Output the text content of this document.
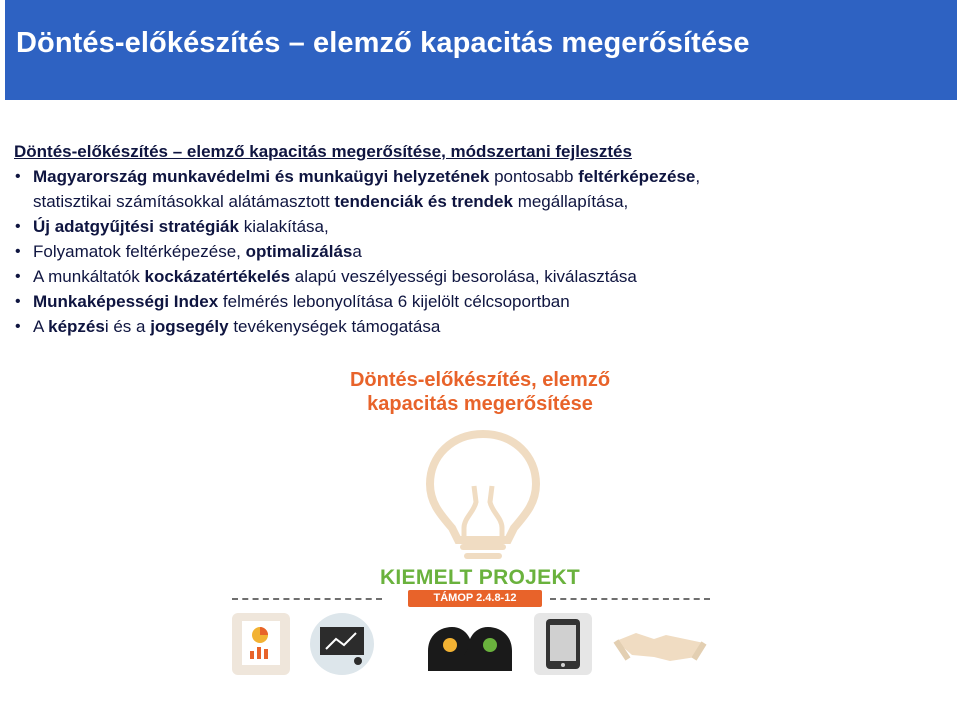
Döntés-előkészítés – elemző kapacitás megerősítése
Döntés-előkészítés – elemző kapacitás megerősítése, módszertani fejlesztés
• Magyarország munkavédelmi és munkaügyi helyzetének pontosabb feltérképezése,
statisztikai számításokkal alátámasztott tendenciák és trendek megállapítása,
• Új adatgyűjtési stratégiák kialakítása,
• Folyamatok feltérképezése, optimalizálása
• A munkáltatók kockázatértékelés alapú veszélyességi besorolása, kiválasztása
• Munkaképességi Index felmérés lebonyolítása 6 kijelölt célcsoportban
• A képzési és a jogsegély tevékenységek támogatása
Döntés-előkészítés, elemző
kapacitás megerősítése
KIEMELT PROJEKT
TÁMOP 2.4.8-12
